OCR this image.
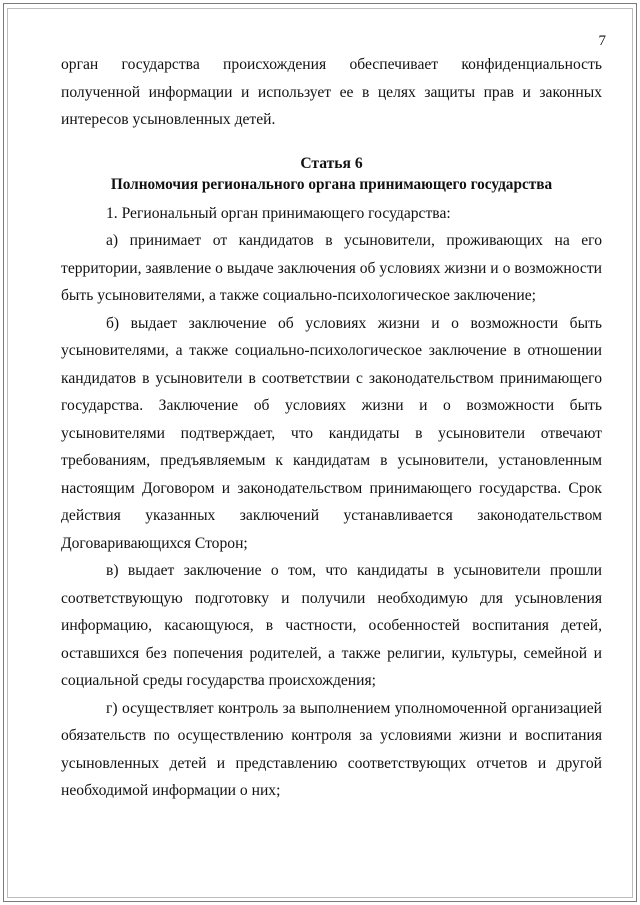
7

орган государства происхождения обеспечивает конфиденциальность полученной информации и использует ее в целях защиты прав и законных интересов усыновленных детей.

Статья 6

Полномочия регионального органа принимающего государства

1. Региональный орган принимающего государства:

а) принимает от кандидатов в усыновители, проживающих на его территории, заявление о выдаче заключения об условиях жизни и о возможности быть усыновителями, а также социально-психологическое заключение;

б) выдает заключение об условиях жизни и о возможности быть усыновителями, а также социально-психологическое заключение в отношении кандидатов в усыновители в соответствии с законодательством принимающего государства. Заключение об условиях жизни и о возможности быть усыновителями подтверждает, что кандидаты в усыновители отвечают требованиям, предъявляемым к кандидатам в усыновители, установленным настоящим Договором и законодательством принимающего государства. Срок действия указанных заключений устанавливается законодательством Договаривающихся Сторон;

в) выдает заключение о том, что кандидаты в усыновители прошли соответствующую подготовку и получили необходимую для усыновления информацию, касающуюся, в частности, особенностей воспитания детей, оставшихся без попечения родителей, а также религии, культуры, семейной и социальной среды государства происхождения;

г) осуществляет контроль за выполнением уполномоченной организацией обязательств по осуществлению контроля за условиями жизни и воспитания усыновленных детей и представлению соответствующих отчетов и другой необходимой информации о них;
